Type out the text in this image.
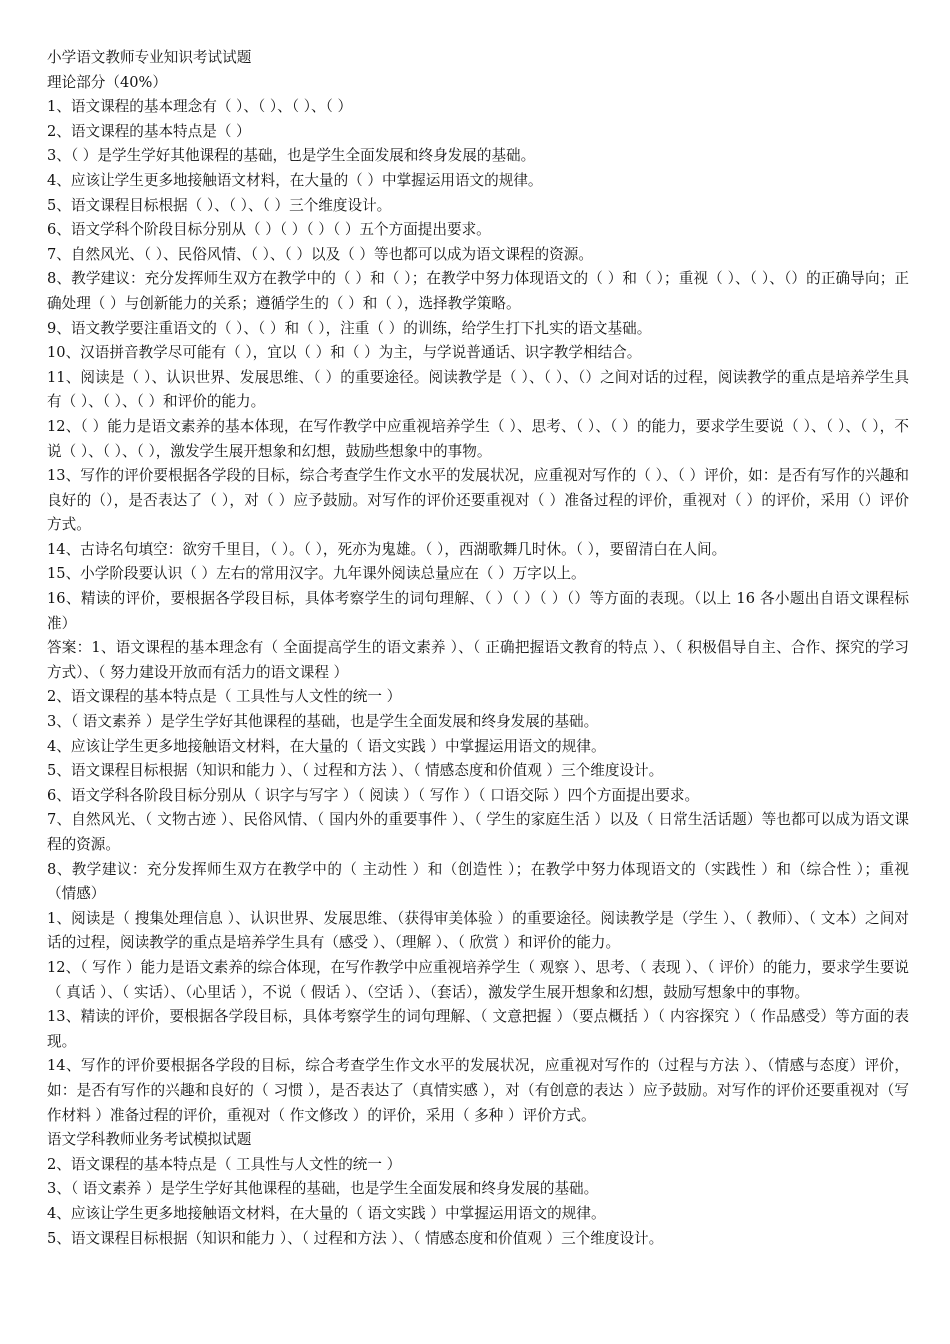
小学语文教师专业知识考试试题

理论部分（40%）

1、语文课程的基本理念有（ ）、（ ）、（ ）、（ ）

2、语文课程的基本特点是（ ）

3、（ ）是学生学好其他课程的基础，也是学生全面发展和终身发展的基础。

4、应该让学生更多地接触语文材料，在大量的（ ）中掌握运用语文的规律。

5、语文课程目标根据（ ）、（ ）、（ ）三个维度设计。

6、语文学科个阶段目标分别从（ ）（ ）（ ）（ ）五个方面提出要求。

7、自然风光、（ ）、民俗风情、（ ）、（ ）以及（ ）等也都可以成为语文课程的资源。

8、教学建议：充分发挥师生双方在教学中的（ ）和（ ）；在教学中努力体现语文的（ ）和（ ）；重视（ ）、（ ）、（）的正确导向；正确处理（ ）与创新能力的关系；遵循学生的（ ）和（ ），选择教学策略。

9、语文教学要注重语文的（ ）、（ ）和（ ），注重（ ）的训练，给学生打下扎实的语文基础。

10、汉语拼音教学尽可能有（ ），宜以（ ）和（ ）为主，与学说普通话、识字教学相结合。

11、阅读是（ ）、认识世界、发展思维、（ ）的重要途径。阅读教学是（ ）、（ ）、（）之间对话的过程，阅读教学的重点是培养学生具有（ ）、（ ）、（ ）和评价的能力。

12、（ ）能力是语文素养的基本体现，在写作教学中应重视培养学生（ ）、思考、（ ）、（ ）的能力，要求学生要说（ ）、（ ）、（ ），不说（ ）、（ ）、（ ），激发学生展开想象和幻想，鼓励些想象中的事物。

13、写作的评价要根据各学段的目标，综合考查学生作文水平的发展状况，应重视对写作的（ ）、（ ）评价，如：是否有写作的兴趣和良好的（），是否表达了（ ），对（ ）应予鼓励。对写作的评价还要重视对（ ）准备过程的评价，重视对（ ）的评价，采用（）评价方式。

14、古诗名句填空：欲穷千里目，（ ）。（ ），死亦为鬼雄。（ ），西湖歌舞几时休。（ ），要留清白在人间。

15、小学阶段要认识（ ）左右的常用汉字。九年课外阅读总量应在（ ）万字以上。

16、精读的评价，要根据各学段目标，具体考察学生的词句理解、（ ）（ ）（ ）（）等方面的表现。（以上 16 各小题出自语文课程标准）

答案：1、语文课程的基本理念有（ 全面提高学生的语文素养 ）、（ 正确把握语文教育的特点 ）、（ 积极倡导自主、合作、探究的学习方式）、（ 努力建设开放而有活力的语文课程 ）

2、语文课程的基本特点是（ 工具性与人文性的统一 ）

3、（ 语文素养 ）是学生学好其他课程的基础，也是学生全面发展和终身发展的基础。

4、应该让学生更多地接触语文材料，在大量的（ 语文实践 ）中掌握运用语文的规律。

5、语文课程目标根据（知识和能力 ）、（ 过程和方法 ）、（ 情感态度和价值观 ）三个维度设计。

6、语文学科各阶段目标分别从（ 识字与写字 ）（ 阅读 ）（ 写作 ）（ 口语交际 ）四个方面提出要求。

7、自然风光、（ 文物古迹 ）、民俗风情、（ 国内外的重要事件 ）、（ 学生的家庭生活 ）以及（ 日常生活话题）等也都可以成为语文课程的资源。

8、教学建议：充分发挥师生双方在教学中的（ 主动性 ）和（创造性 ）；在教学中努力体现语文的（实践性 ）和（综合性 ）；重视（情感）

1、阅读是（ 搜集处理信息 ）、认识世界、发展思维、（获得审美体验 ）的重要途径。阅读教学是（学生 ）、（ 教师）、（ 文本）之间对话的过程，阅读教学的重点是培养学生具有（感受 ）、（理解 ）、（ 欣赏 ）和评价的能力。

12、（ 写作 ）能力是语文素养的综合体现，在写作教学中应重视培养学生（ 观察 ）、思考、（ 表现 ）、（ 评价）的能力，要求学生要说（ 真话 ）、（ 实话）、（心里话 ），不说（ 假话 ）、（空话 ）、（套话），激发学生展开想象和幻想，鼓励写想象中的事物。

13、精读的评价，要根据各学段目标，具体考察学生的词句理解、（ 文意把握 ）（要点概括 ）（ 内容探究 ）（ 作品感受）等方面的表现。

14、写作的评价要根据各学段的目标，综合考查学生作文水平的发展状况，应重视对写作的（过程与方法 ）、（情感与态度）评价，如：是否有写作的兴趣和良好的（ 习惯 ），是否表达了（真情实感 ），对（有创意的表达 ）应予鼓励。对写作的评价还要重视对（写作材料 ）准备过程的评价，重视对（ 作文修改 ）的评价，采用（ 多种 ）评价方式。

语文学科教师业务考试模拟试题

2、语文课程的基本特点是（ 工具性与人文性的统一 ）

3、（ 语文素养 ）是学生学好其他课程的基础，也是学生全面发展和终身发展的基础。

4、应该让学生更多地接触语文材料，在大量的（ 语文实践 ）中掌握运用语文的规律。

5、语文课程目标根据（知识和能力 ）、（ 过程和方法 ）、（ 情感态度和价值观 ）三个维度设计。
